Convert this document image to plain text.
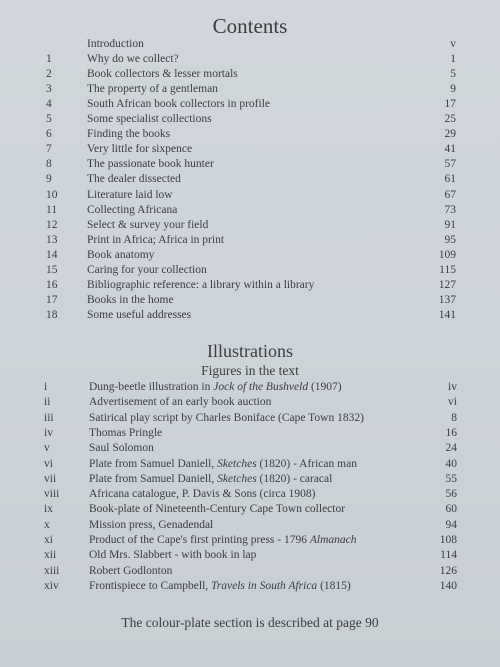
Contents
Introduction	v
1	Why do we collect?	1
2	Book collectors & lesser mortals	5
3	The property of a gentleman	9
4	South African book collectors in profile	17
5	Some specialist collections	25
6	Finding the books	29
7	Very little for sixpence	41
8	The passionate book hunter	57
9	The dealer dissected	61
10	Literature laid low	67
11	Collecting Africana	73
12	Select & survey your field	91
13	Print in Africa; Africa in print	95
14	Book anatomy	109
15	Caring for your collection	115
16	Bibliographic reference: a library within a library	127
17	Books in the home	137
18	Some useful addresses	141
Illustrations
Figures in the text
i	Dung-beetle illustration in Jock of the Bushveld (1907)	iv
ii	Advertisement of an early book auction	vi
iii	Satirical play script by Charles Boniface (Cape Town 1832)	8
iv	Thomas Pringle	16
v	Saul Solomon	24
vi	Plate from Samuel Daniell, Sketches (1820) - African man	40
vii	Plate from Samuel Daniell, Sketches (1820) - caracal	55
viii	Africana catalogue, P. Davis & Sons (circa 1908)	56
ix	Book-plate of Nineteenth-Century Cape Town collector	60
x	Mission press, Genadendal	94
xi	Product of the Cape's first printing press - 1796 Almanach	108
xii	Old Mrs. Slabbert - with book in lap	114
xiii	Robert Godlonton	126
xiv	Frontispiece to Campbell, Travels in South Africa (1815)	140
The colour-plate section is described at page 90
